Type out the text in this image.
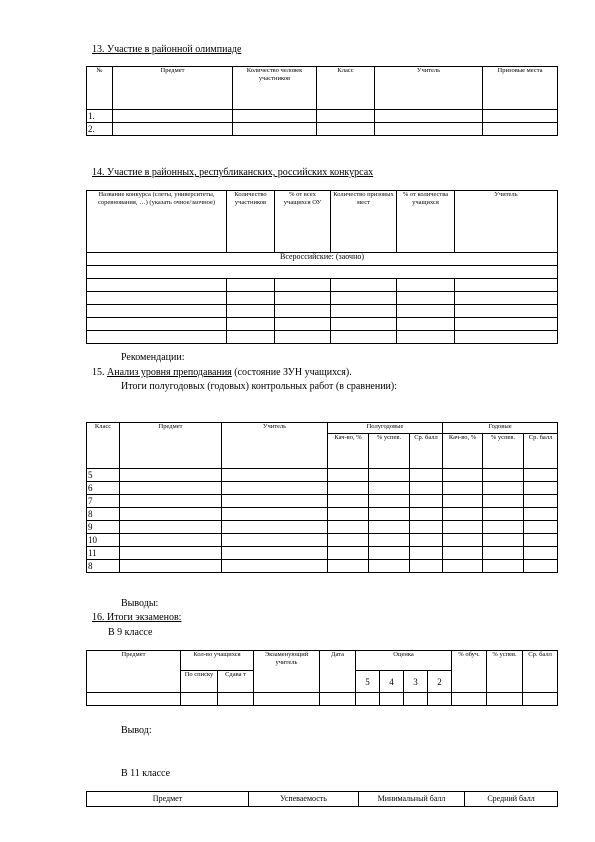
13. Участие в районной олимпиаде
№	Предмет	Количество человек участников	Класс	Учитель	Призовые места
1.					
2.					
14. Участие в районных, республиканских, российских конкурсах
Название конкурса (слеты, университеты, соревнования, …) (указать очное/заочное)	Количество участников	% от всех учащихся ОУ	Количество призовых мест	% от количества учащихся	Учитель
Всероссийские: (заочно)					

Рекомендации:
15. Анализ уровня преподавания (состояние ЗУН учащихся).
Итоги полугодовых (годовых) контрольных работ (в сравнении):
Класс	Предмет	Учитель	Полугодовые			Годовые		
			Кач-во, %	% успев.	Ср. балл	Кач-во, %	% успев.	Ср. балл
5								
6								
7								
8								
9								
10								
11								
8								
Выводы:
16. Итоги экзаменов:
В 9 классе
Предмет	Кол-во учащихся		Экзаменующий учитель	Дата	Оценка				% обуч.	% успев.	Ср. балл
	По списку	Сдава т			5	4	3	2			

Вывод:
В 11 классе
Предмет	Успеваемость	Минимальный балл	Средний балл
